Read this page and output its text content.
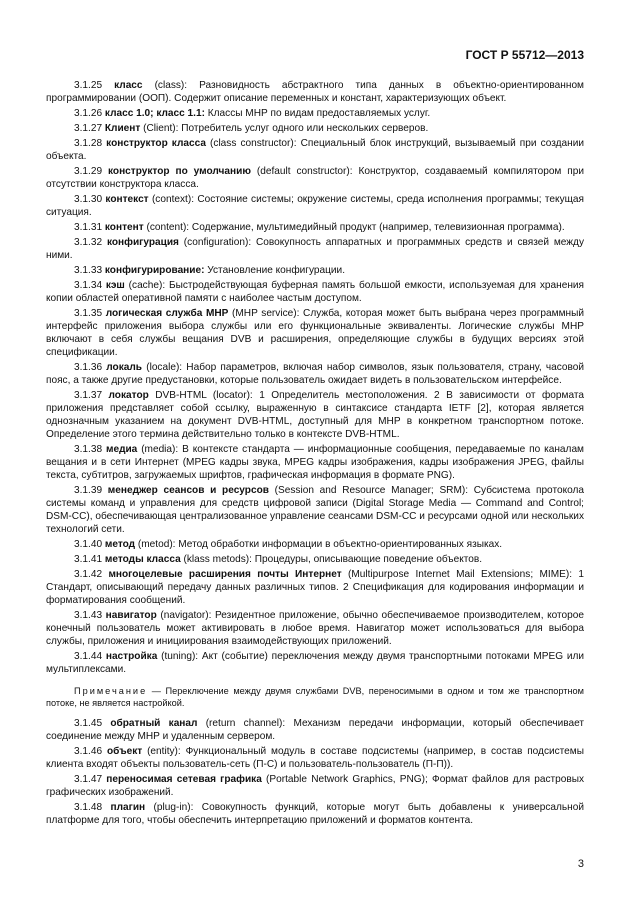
ГОСТ Р 55712—2013

3.1.25 класс (class): Разновидность абстрактного типа данных в объектно-ориентированном программировании (ООП). Содержит описание переменных и констант, характеризующих объект.

3.1.26 класс 1.0; класс 1.1: Классы МНР по видам предоставляемых услуг.

3.1.27 Клиент (Client): Потребитель услуг одного или нескольких серверов.

3.1.28 конструктор класса (class constructor): Специальный блок инструкций, вызываемый при создании объекта.

3.1.29 конструктор по умолчанию (default constructor): Конструктор, создаваемый компилятором при отсутствии конструктора класса.

3.1.30 контекст (context): Состояние системы; окружение системы, среда исполнения программы; текущая ситуация.

3.1.31 контент (content): Содержание, мультимедийный продукт (например, телевизионная программа).

3.1.32 конфигурация (configuration): Совокупность аппаратных и программных средств и связей между ними.

3.1.33 конфигурирование: Установление конфигурации.

3.1.34 кэш (cache): Быстродействующая буферная память большой емкости, используемая для хранения копии областей оперативной памяти с наиболее частым доступом.

3.1.35 логическая служба МНР (MHP service): Служба, которая может быть выбрана через программный интерфейс приложения выбора службы или его функциональные эквиваленты. Логические службы МНР включают в себя службы вещания DVB и расширения, определяющие службы в будущих версиях этой спецификации.

3.1.36 локаль (locale): Набор параметров, включая набор символов, язык пользователя, страну, часовой пояс, а также другие предустановки, которые пользователь ожидает видеть в пользовательском интерфейсе.

3.1.37 локатор DVB-HTML (locator): 1 Определитель местоположения. 2 В зависимости от формата приложения представляет собой ссылку, выраженную в синтаксисе стандарта IETF [2], которая является однозначным указанием на документ DVB-HTML, доступный для МНР в конкретном транспортном потоке. Определение этого термина действительно только в контексте DVB-HTML.

3.1.38 медиа (media): В контексте стандарта — информационные сообщения, передаваемые по каналам вещания и в сети Интернет (MPEG кадры звука, MPEG кадры изображения, кадры изображения JPEG, файлы текста, субтитров, загружаемых шрифтов, графическая информация в формате PNG).

3.1.39 менеджер сеансов и ресурсов (Session and Resource Manager; SRM): Субсистема протокола системы команд и управления для средств цифровой записи (Digital Storage Media — Command and Control; DSM-CC), обеспечивающая централизованное управление сеансами DSM-CC и ресурсами одной или нескольких технологий сети.

3.1.40 метод (metod): Метод обработки информации в объектно-ориентированных языках.

3.1.41 методы класса (klass metods): Процедуры, описывающие поведение объектов.

3.1.42 многоцелевые расширения почты Интернет (Multipurpose Internet Mail Extensions; MIME): 1 Стандарт, описывающий передачу данных различных типов. 2 Спецификация для кодирования информации и форматирования сообщений.

3.1.43 навигатор (navigator): Резидентное приложение, обычно обеспечиваемое производителем, которое конечный пользователь может активировать в любое время. Навигатор может использоваться для выбора службы, приложения и инициирования взаимодействующих приложений.

3.1.44 настройка (tuning): Акт (событие) переключения между двумя транспортными потоками MPEG или мультиплексами.

Примечание — Переключение между двумя службами DVB, переносимыми в одном и том же транспортном потоке, не является настройкой.

3.1.45 обратный канал (return channel): Механизм передачи информации, который обеспечивает соединение между МНР и удаленным сервером.

3.1.46 объект (entity): Функциональный модуль в составе подсистемы (например, в состав подсистемы клиента входят объекты пользователь-сеть (П-С) и пользователь-пользователь (П-П)).

3.1.47 переносимая сетевая графика (Portable Network Graphics, PNG); Формат файлов для растровых графических изображений.

3.1.48 плагин (plug-in): Совокупность функций, которые могут быть добавлены к универсальной платформе для того, чтобы обеспечить интерпретацию приложений и форматов контента.

3
